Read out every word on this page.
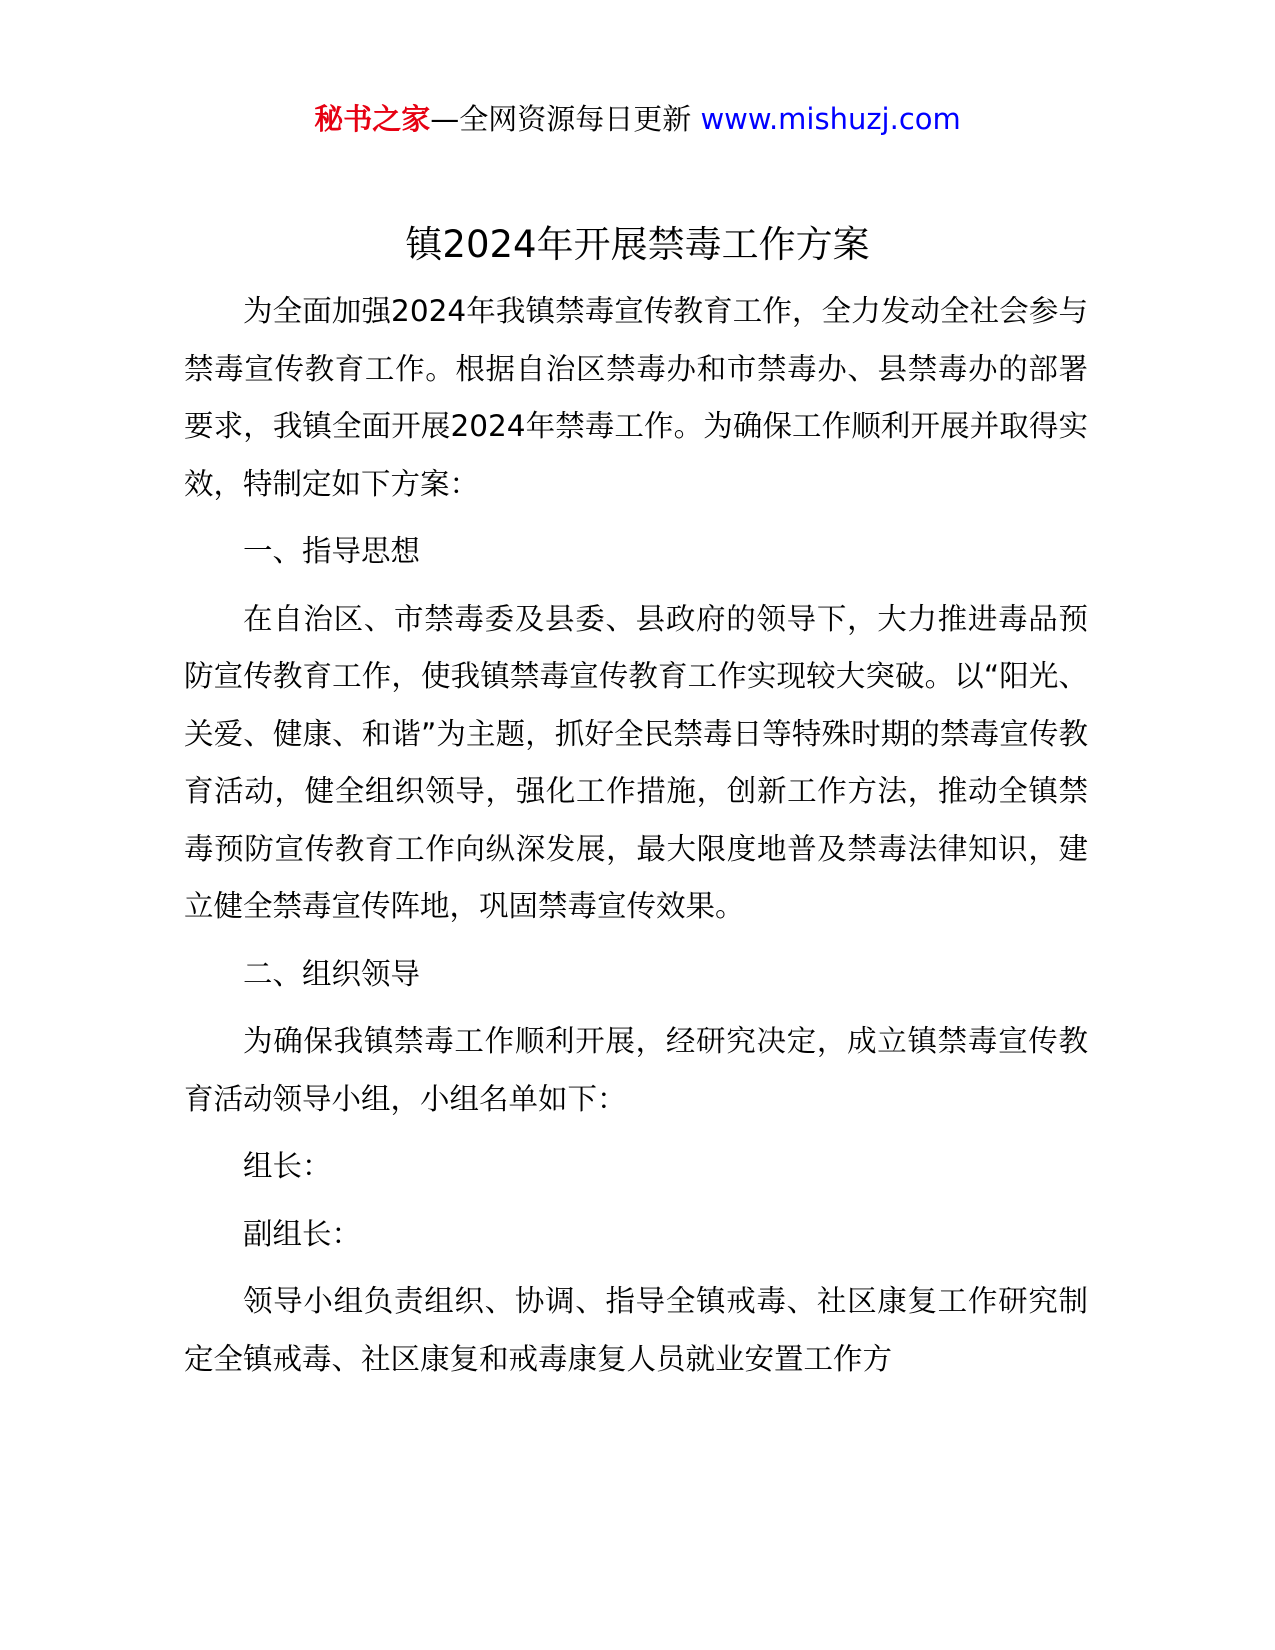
秘书之家—全网资源每日更新 www.mishuzj.com
镇2024年开展禁毒工作方案

为全面加强2024年我镇禁毒宣传教育工作，全力发动全社会参与禁毒宣传教育工作。根据自治区禁毒办和市禁毒办、县禁毒办的部署要求，我镇全面开展2024年禁毒工作。为确保工作顺利开展并取得实效，特制定如下方案：

一、指导思想

在自治区、市禁毒委及县委、县政府的领导下，大力推进毒品预防宣传教育工作，使我镇禁毒宣传教育工作实现较大突破。以“阳光、关爱、健康、和谐”为主题，抓好全民禁毒日等特殊时期的禁毒宣传教育活动，健全组织领导，强化工作措施，创新工作方法，推动全镇禁毒预防宣传教育工作向纵深发展，最大限度地普及禁毒法律知识，建立健全禁毒宣传阵地，巩固禁毒宣传效果。

二、组织领导

为确保我镇禁毒工作顺利开展，经研究决定，成立镇禁毒宣传教育活动领导小组，小组名单如下：

组长：

副组长：

领导小组负责组织、协调、指导全镇戒毒、社区康复工作研究制定全镇戒毒、社区康复和戒毒康复人员就业安置工作方
